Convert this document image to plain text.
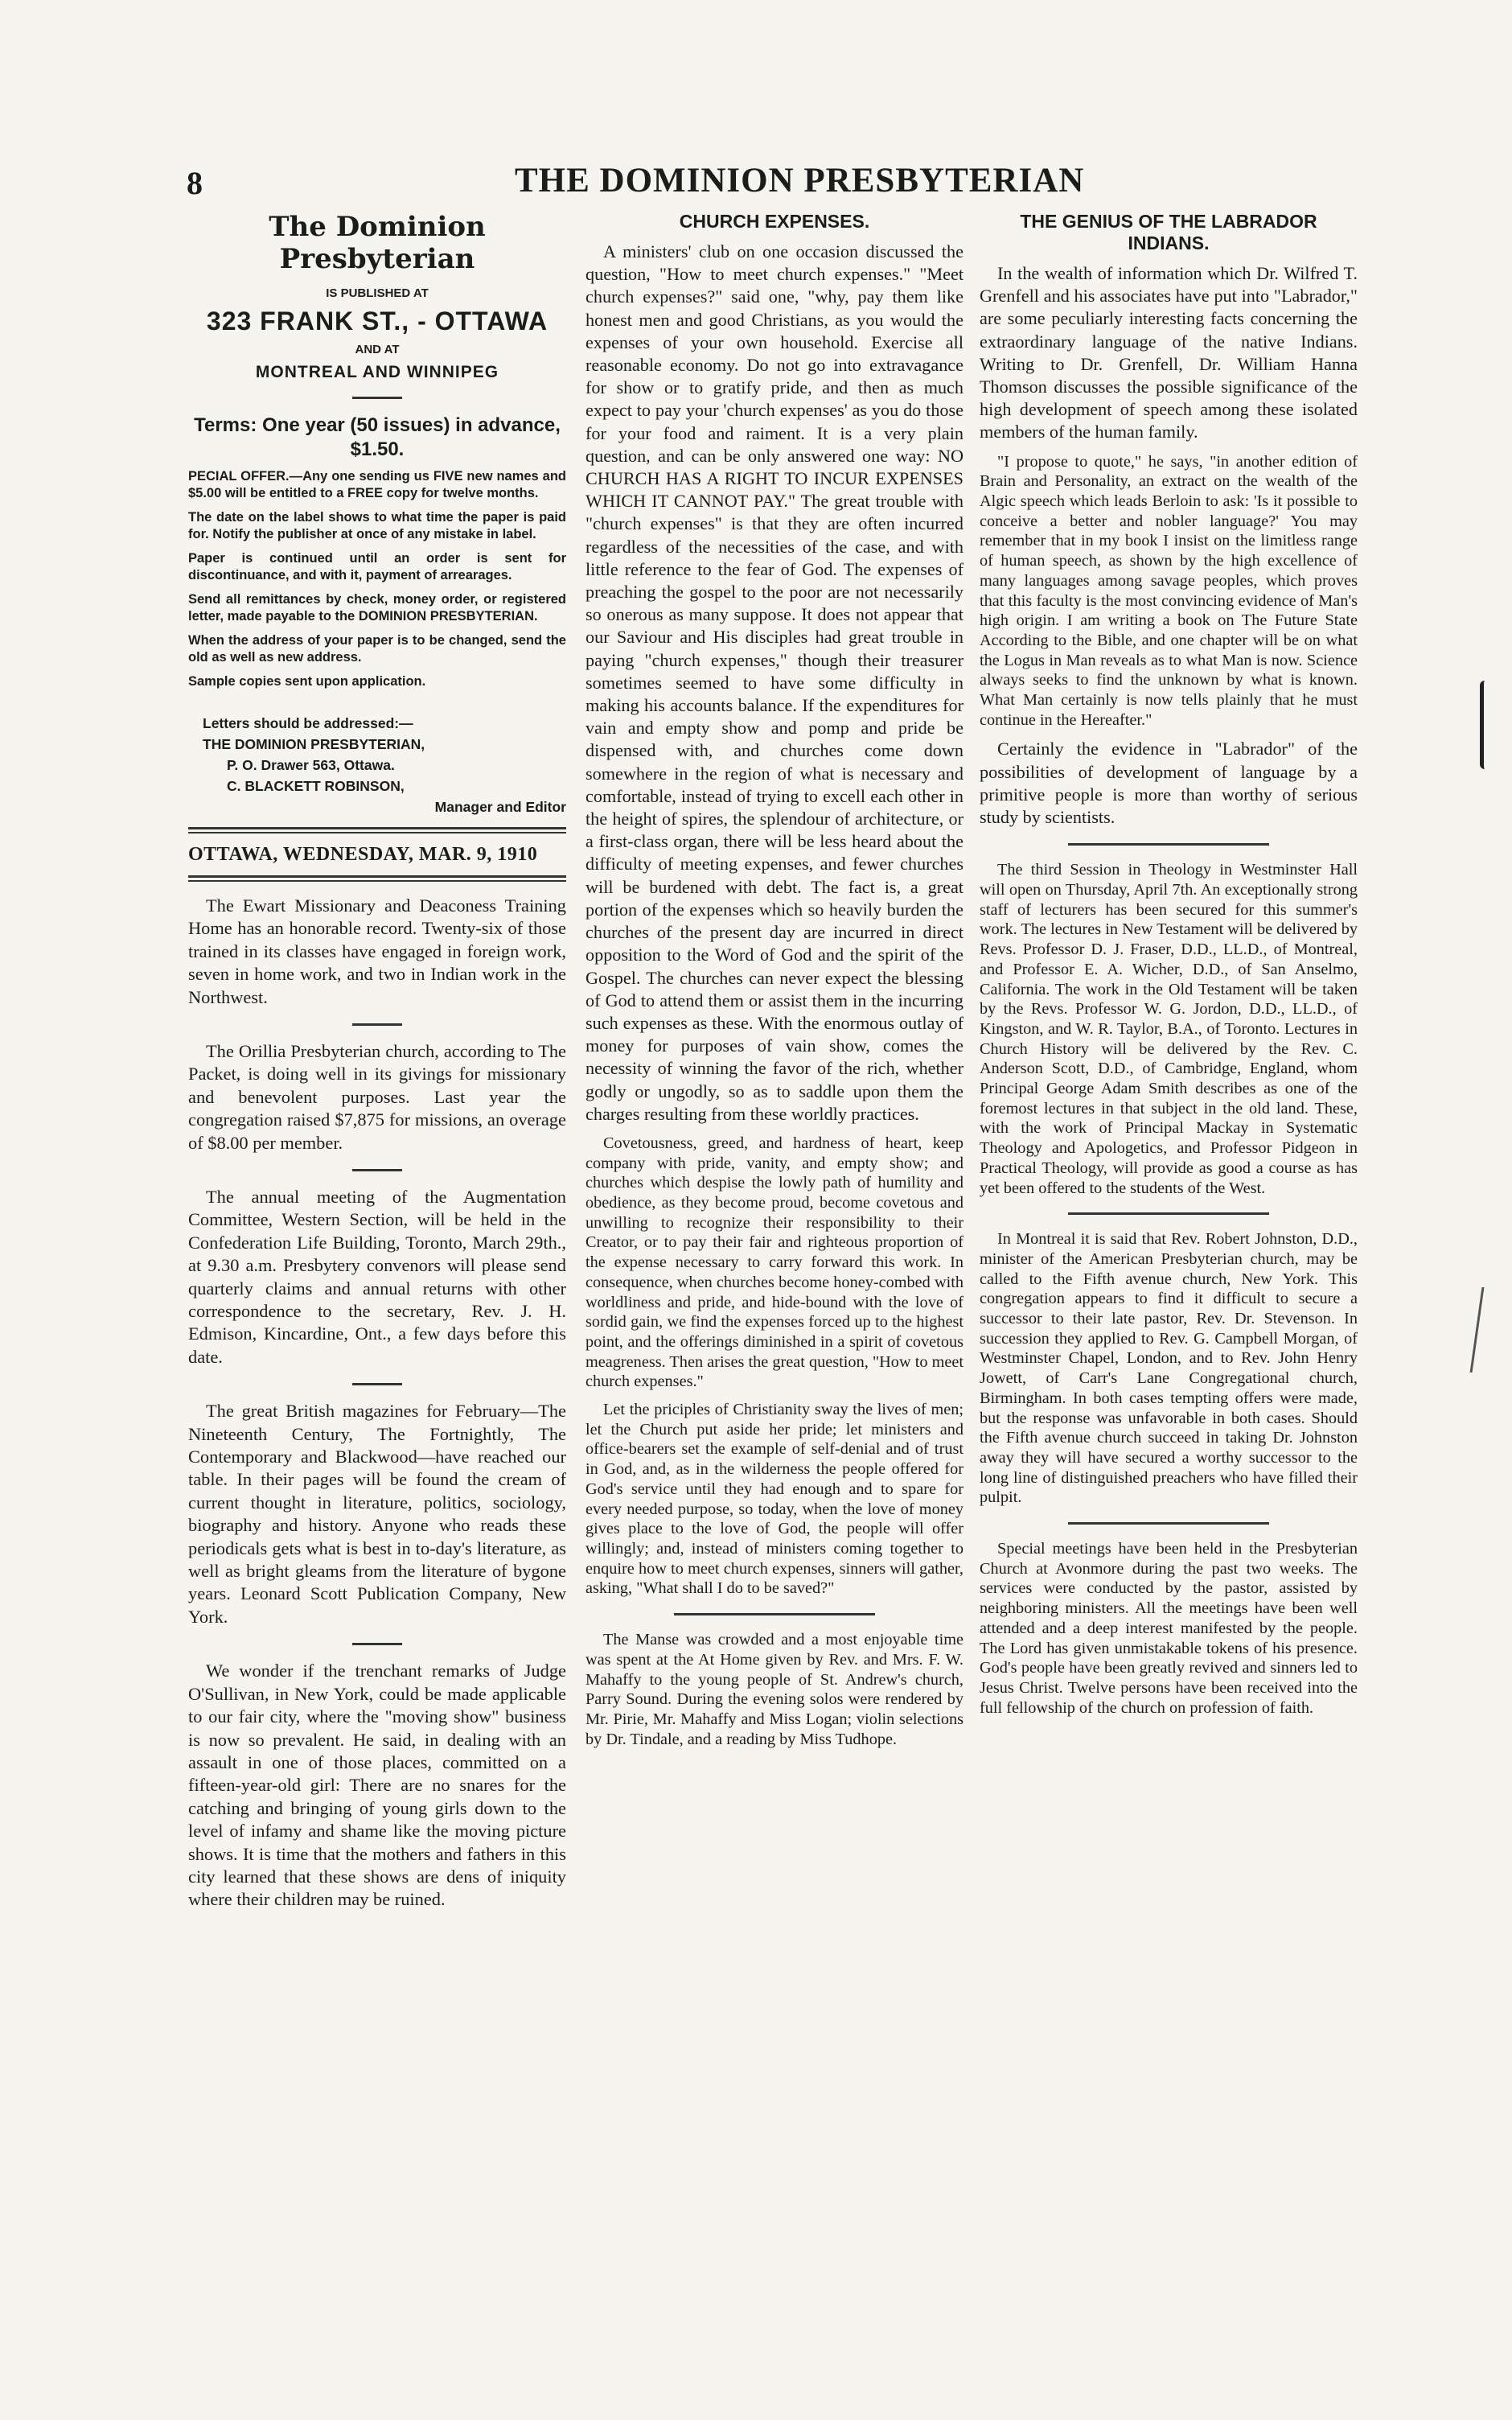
8	THE DOMINION PRESBYTERIAN
The Dominion Presbyterian
IS PUBLISHED AT
323 FRANK ST., - OTTAWA
AND AT
MONTREAL AND WINNIPEG
Terms: One year (50 issues) in advance, $1.50.

PECIAL OFFER.—Any one sending us FIVE new names and $5.00 will be entitled to a FREE copy for twelve months.

The date on the label shows to what time the paper is paid for. Notify the publisher at once of any mistake in label.

Paper is continued until an order is sent for discontinuance, and with it, payment of arrearages.

Send all remittances by check, money order, or registered letter, made payable to the DOMINION PRESBYTERIAN.

When the address of your paper is to be changed, send the old as well as new address.

Sample copies sent upon application.

Letters should be addressed:—
THE DOMINION PRESBYTERIAN,
P. O. Drawer 563, Ottawa.
C. BLACKETT ROBINSON,
Manager and Editor

OTTAWA, WEDNESDAY, MAR. 9, 1910

The Ewart Missionary and Deaconess Training Home has an honorable record. Twenty-six of those trained in its classes have engaged in foreign work, seven in home work, and two in Indian work in the Northwest.

The Orillia Presbyterian church, according to The Packet, is doing well in its givings for missionary and benevolent purposes. Last year the congregation raised $7,875 for missions, an overage of $8.00 per member.

The annual meeting of the Augmentation Committee, Western Section, will be held in the Confederation Life Building, Toronto, March 29th., at 9.30 a.m. Presbytery convenors will please send quarterly claims and annual returns with other correspondence to the secretary, Rev. J. H. Edmison, Kincardine, Ont., a few days before this date.

The great British magazines for February—The Nineteenth Century, The Fortnightly, The Contemporary and Blackwood—have reached our table. In their pages will be found the cream of current thought in literature, politics, sociology, biography and history. Anyone who reads these periodicals gets what is best in to-day's literature, as well as bright gleams from the literature of bygone years. Leonard Scott Publication Company, New York.

We wonder if the trenchant remarks of Judge O'Sullivan, in New York, could be made applicable to our fair city, where the "moving show" business is now so prevalent. He said, in dealing with an assault in one of those places, committed on a fifteen-year-old girl: There are no snares for the catching and bringing of young girls down to the level of infamy and shame like the moving picture shows. It is time that the mothers and fathers in this city learned that these shows are dens of iniquity where their children may be ruined.

CHURCH EXPENSES.

A ministers' club on one occasion discussed the question, "How to meet church expenses." "Meet church expenses?" said one, "why, pay them like honest men and good Christians, as you would the expenses of your own household. Exercise all reasonable economy. Do not go into extravagance for show or to gratify pride, and then as much expect to pay your 'church expenses' as you do those for your food and raiment. It is a very plain question, and can be only answered one way: NO CHURCH HAS A RIGHT TO INCUR EXPENSES WHICH IT CANNOT PAY." The great trouble with "church expenses" is that they are often incurred regardless of the necessities of the case, and with little reference to the fear of God. The expenses of preaching the gospel to the poor are not necessarily so onerous as many suppose. It does not appear that our Saviour and His disciples had great trouble in paying "church expenses," though their treasurer sometimes seemed to have some difficulty in making his accounts balance. If the expenditures for vain and empty show and pomp and pride be dispensed with, and churches come down somewhere in the region of what is necessary and comfortable, instead of trying to excell each other in the height of spires, the splendour of architecture, or a first-class organ, there will be less heard about the difficulty of meeting expenses, and fewer churches will be burdened with debt. The fact is, a great portion of the expenses which so heavily burden the churches of the present day are incurred in direct opposition to the Word of God and the spirit of the Gospel. The churches can never expect the blessing of God to attend them or assist them in the incurring such expenses as these. With the enormous outlay of money for purposes of vain show, comes the necessity of winning the favor of the rich, whether godly or ungodly, so as to saddle upon them the charges resulting from these worldly practices.

Covetousness, greed, and hardness of heart, keep company with pride, vanity, and empty show; and churches which despise the lowly path of humility and obedience, as they become proud, become covetous and unwilling to recognize their responsibility to their Creator, or to pay their fair and righteous proportion of the expense necessary to carry forward this work. In consequence, when churches become honey-combed with worldliness and pride, and hide-bound with the love of sordid gain, we find the expenses forced up to the highest point, and the offerings diminished in a spirit of covetous meagreness. Then arises the great question, "How to meet church expenses."

Let the priciples of Christianity sway the lives of men; let the Church put aside her pride; let ministers and office-bearers set the example of self-denial and of trust in God, and, as in the wilderness the people offered for God's service until they had enough and to spare for every needed purpose, so today, when the love of money gives place to the love of God, the people will offer willingly; and, instead of ministers coming together to enquire how to meet church expenses, sinners will gather, asking, "What shall I do to be saved?"

The Manse was crowded and a most enjoyable time was spent at the At Home given by Rev. and Mrs. F. W. Mahaffy to the young people of St. Andrew's church, Parry Sound. During the evening solos were rendered by Mr. Pirie, Mr. Mahaffy and Miss Logan; violin selections by Dr. Tindale, and a reading by Miss Tudhope.

THE GENIUS OF THE LABRADOR INDIANS.

In the wealth of information which Dr. Wilfred T. Grenfell and his associates have put into "Labrador," are some peculiarly interesting facts concerning the extraordinary language of the native Indians. Writing to Dr. Grenfell, Dr. William Hanna Thomson discusses the possible significance of the high development of speech among these isolated members of the human family.

"I propose to quote," he says, "in another edition of Brain and Personality, an extract on the wealth of the Algic speech which leads Berloin to ask: 'Is it possible to conceive a better and nobler language?' You may remember that in my book I insist on the limitless range of human speech, as shown by the high excellence of many languages among savage peoples, which proves that this faculty is the most convincing evidence of Man's high origin. I am writing a book on The Future State According to the Bible, and one chapter will be on what the Logus in Man reveals as to what Man is now. Science always seeks to find the unknown by what is known. What Man certainly is now tells plainly that he must continue in the Hereafter."

Certainly the evidence in "Labrador" of the possibilities of development of language by a primitive people is more than worthy of serious study by scientists.

The third Session in Theology in Westminster Hall will open on Thursday, April 7th. An exceptionally strong staff of lecturers has been secured for this summer's work. The lectures in New Testament will be delivered by Revs. Professor D. J. Fraser, D.D., LL.D., of Montreal, and Professor E. A. Wicher, D.D., of San Anselmo, California. The work in the Old Testament will be taken by the Revs. Professor W. G. Jordon, D.D., LL.D., of Kingston, and W. R. Taylor, B.A., of Toronto. Lectures in Church History will be delivered by the Rev. C. Anderson Scott, D.D., of Cambridge, England, whom Principal George Adam Smith describes as one of the foremost lectures in that subject in the old land. These, with the work of Principal Mackay in Systematic Theology and Apologetics, and Professor Pidgeon in Practical Theology, will provide as good a course as has yet been offered to the students of the West.

In Montreal it is said that Rev. Robert Johnston, D.D., minister of the American Presbyterian church, may be called to the Fifth avenue church, New York. This congregation appears to find it difficult to secure a successor to their late pastor, Rev. Dr. Stevenson. In succession they applied to Rev. G. Campbell Morgan, of Westminster Chapel, London, and to Rev. John Henry Jowett, of Carr's Lane Congregational church, Birmingham. In both cases tempting offers were made, but the response was unfavorable in both cases. Should the Fifth avenue church succeed in taking Dr. Johnston away they will have secured a worthy successor to the long line of distinguished preachers who have filled their pulpit.

Special meetings have been held in the Presbyterian Church at Avonmore during the past two weeks. The services were conducted by the pastor, assisted by neighboring ministers. All the meetings have been well attended and a deep interest manifested by the people. The Lord has given unmistakable tokens of his presence. God's people have been greatly revived and sinners led to Jesus Christ. Twelve persons have been received into the full fellowship of the church on profession of faith.
